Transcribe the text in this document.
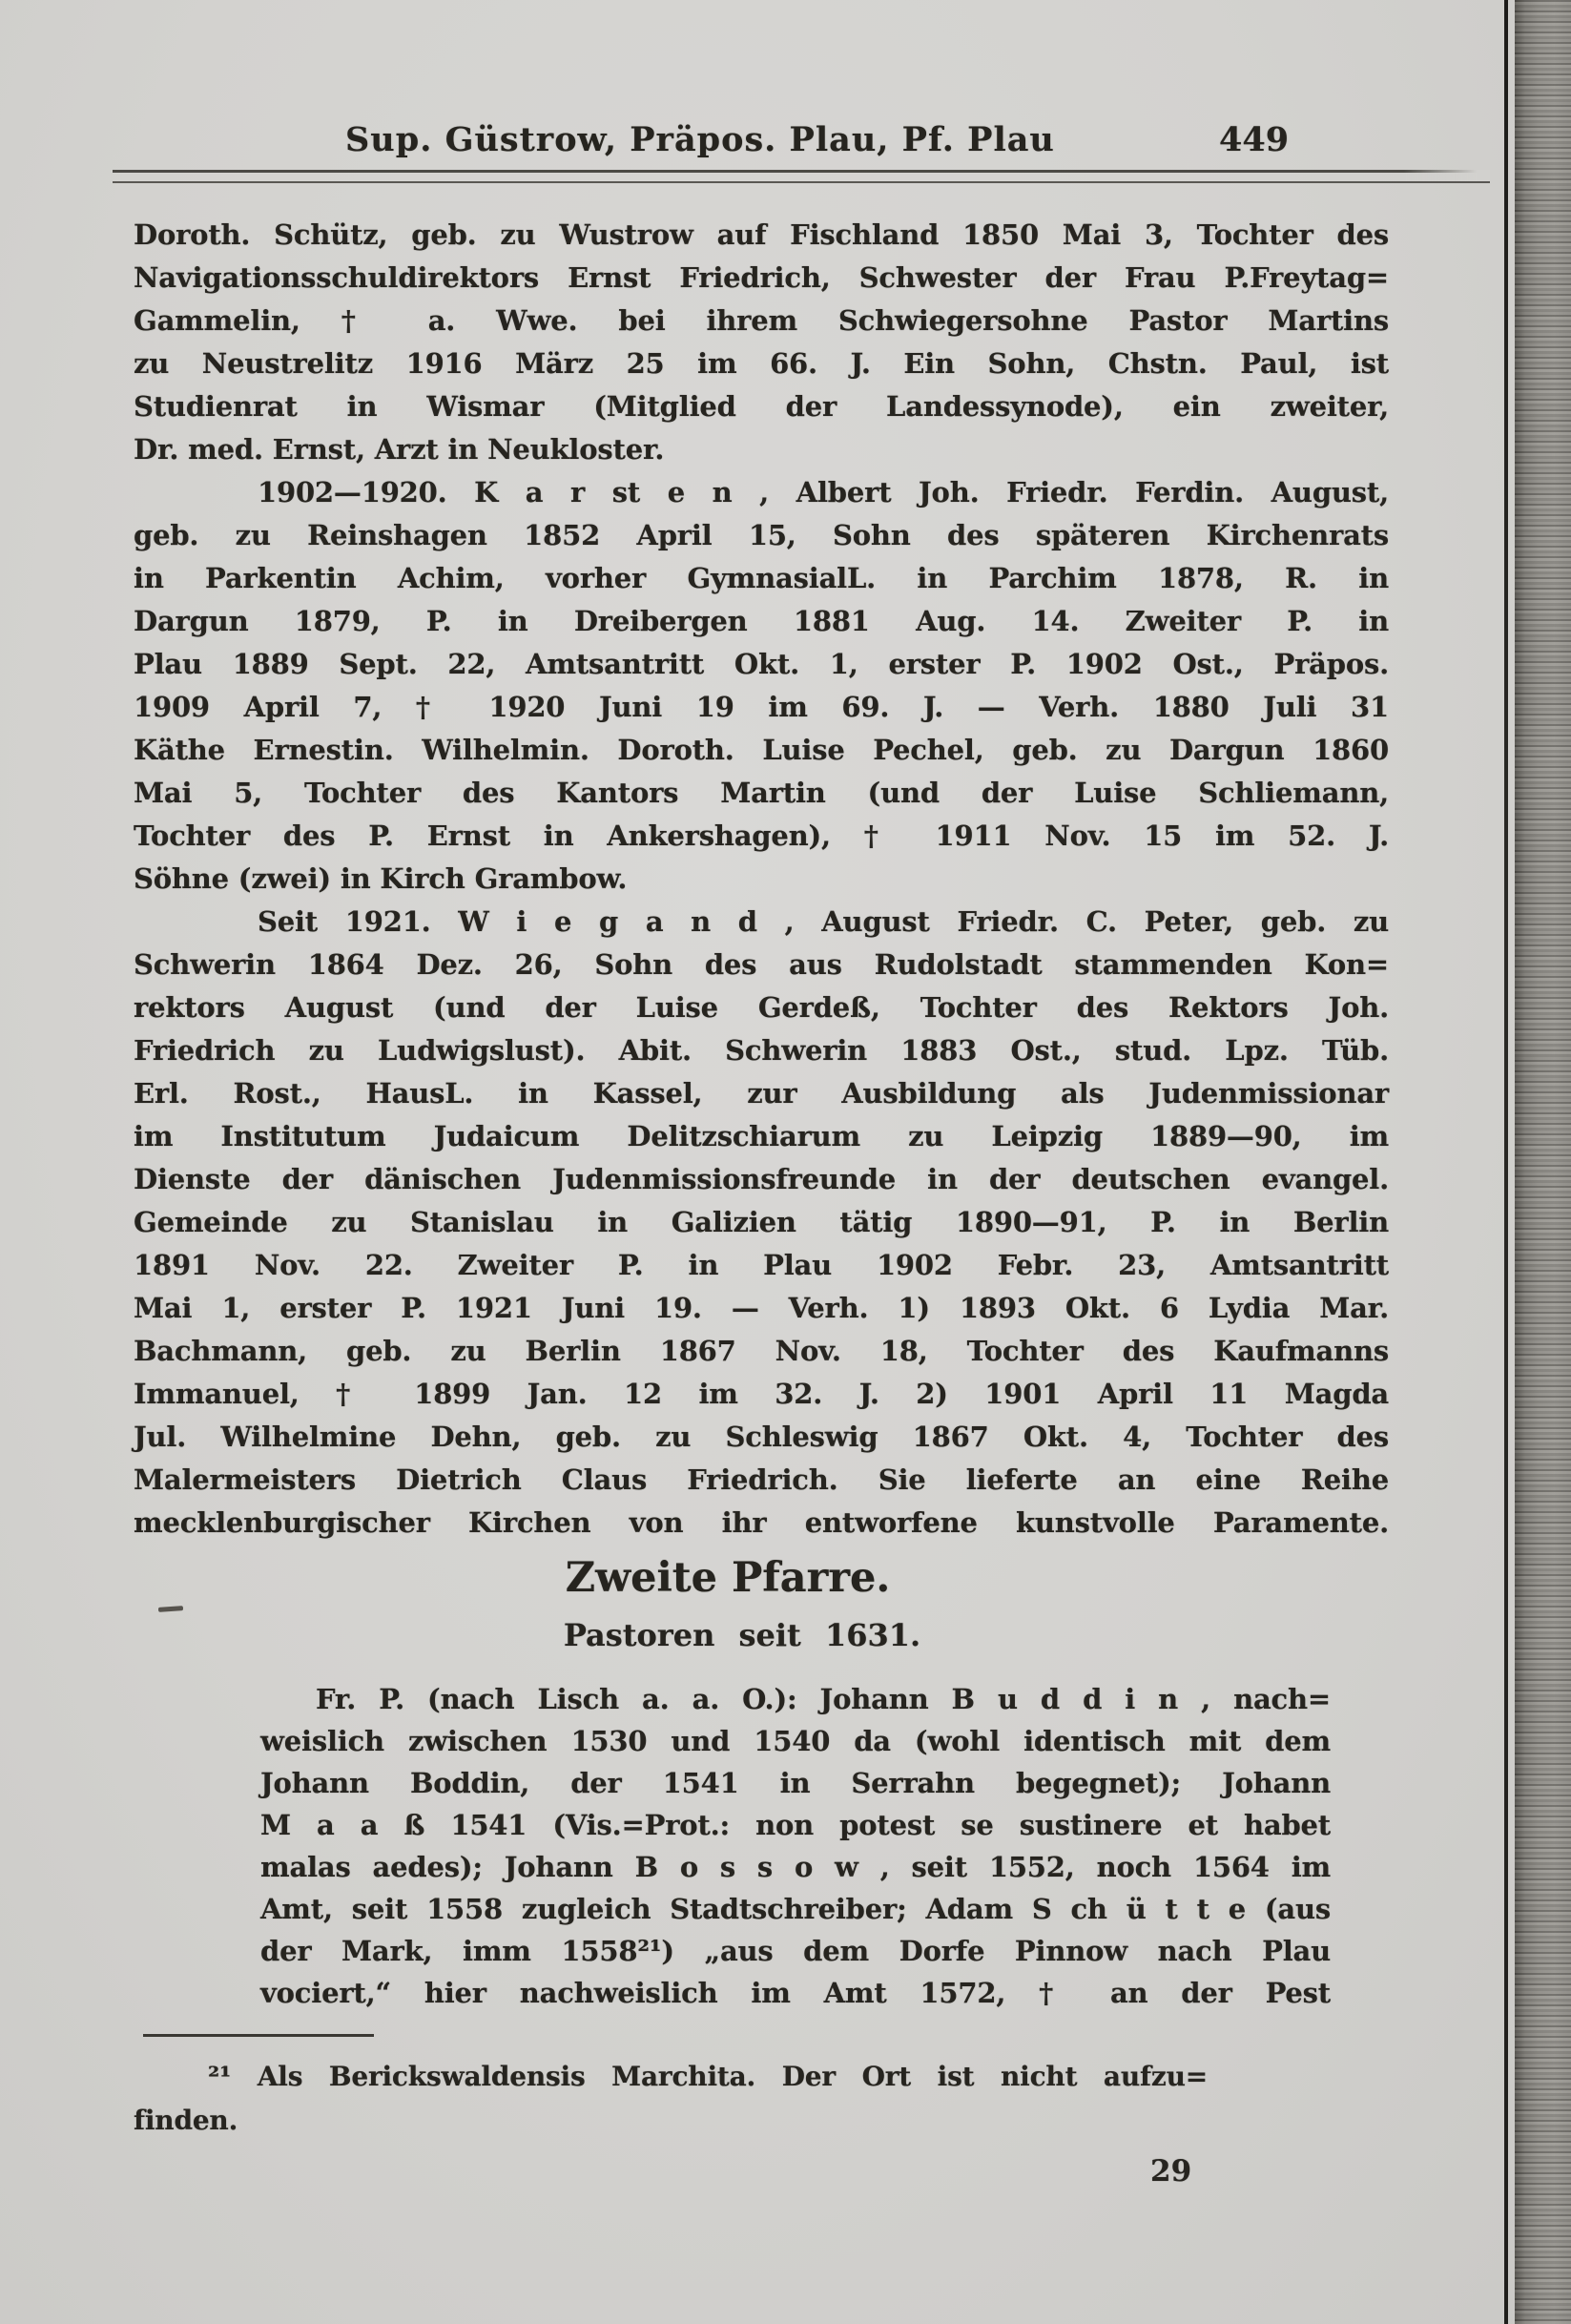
Sup. Güstrow, Präpos. Plau, Pf. Plau	449
Doroth. Schütz, geb. zu Wustrow auf Fischland 1850 Mai 3, Tochter des
Navigationsschuldirektors Ernst Friedrich, Schwester der Frau P.Freytag=
Gammelin, † a. Wwe. bei ihrem Schwiegersohne Pastor Martins
zu Neustrelitz 1916 März 25 im 66. J. Ein Sohn, Chstn. Paul, ist
Studienrat in Wismar (Mitglied der Landessynode), ein zweiter,
Dr. med. Ernst, Arzt in Neukloster.
1902—1920. K a r st e n , Albert Joh. Friedr. Ferdin. August,
geb. zu Reinshagen 1852 April 15, Sohn des späteren Kirchenrats
in Parkentin Achim, vorher GymnasialL. in Parchim 1878, R. in
Dargun 1879, P. in Dreibergen 1881 Aug. 14. Zweiter P. in
Plau 1889 Sept. 22, Amtsantritt Okt. 1, erster P. 1902 Ost., Präpos.
1909 April 7, † 1920 Juni 19 im 69. J. — Verh. 1880 Juli 31
Käthe Ernestin. Wilhelmin. Doroth. Luise Pechel, geb. zu Dargun 1860
Mai 5, Tochter des Kantors Martin (und der Luise Schliemann,
Tochter des P. Ernst in Ankershagen), † 1911 Nov. 15 im 52. J.
Söhne (zwei) in Kirch Grambow.
Seit 1921. W i e g a n d , August Friedr. C. Peter, geb. zu
Schwerin 1864 Dez. 26, Sohn des aus Rudolstadt stammenden Kon=
rektors August (und der Luise Gerdeß, Tochter des Rektors Joh.
Friedrich zu Ludwigslust). Abit. Schwerin 1883 Ost., stud. Lpz. Tüb.
Erl. Rost., HausL. in Kassel, zur Ausbildung als Judenmissionar
im Institutum Judaicum Delitzschiarum zu Leipzig 1889—90, im
Dienste der dänischen Judenmissionsfreunde in der deutschen evangel.
Gemeinde zu Stanislau in Galizien tätig 1890—91, P. in Berlin
1891 Nov. 22. Zweiter P. in Plau 1902 Febr. 23, Amtsantritt
Mai 1, erster P. 1921 Juni 19. — Verh. 1) 1893 Okt. 6 Lydia Mar.
Bachmann, geb. zu Berlin 1867 Nov. 18, Tochter des Kaufmanns
Immanuel, † 1899 Jan. 12 im 32. J. 2) 1901 April 11 Magda
Jul. Wilhelmine Dehn, geb. zu Schleswig 1867 Okt. 4, Tochter des
Malermeisters Dietrich Claus Friedrich. Sie lieferte an eine Reihe
mecklenburgischer Kirchen von ihr entworfene kunstvolle Paramente.
Zweite Pfarre.
Pastoren seit 1631.
Fr. P. (nach Lisch a. a. O.): Johann B u d d i n , nach=
weislich zwischen 1530 und 1540 da (wohl identisch mit dem
Johann Boddin, der 1541 in Serrahn begegnet); Johann
M a a ß 1541 (Vis.=Prot.: non potest se sustinere et habet
malas aedes); Johann B o s s o w , seit 1552, noch 1564 im
Amt, seit 1558 zugleich Stadtschreiber; Adam S ch ü t t e (aus
der Mark, imm 1558²¹) „aus dem Dorfe Pinnow nach Plau
vociert,“ hier nachweislich im Amt 1572, † an der Pest
²¹ Als Berickswaldensis Marchita. Der Ort ist nicht aufzu=
finden.
29
